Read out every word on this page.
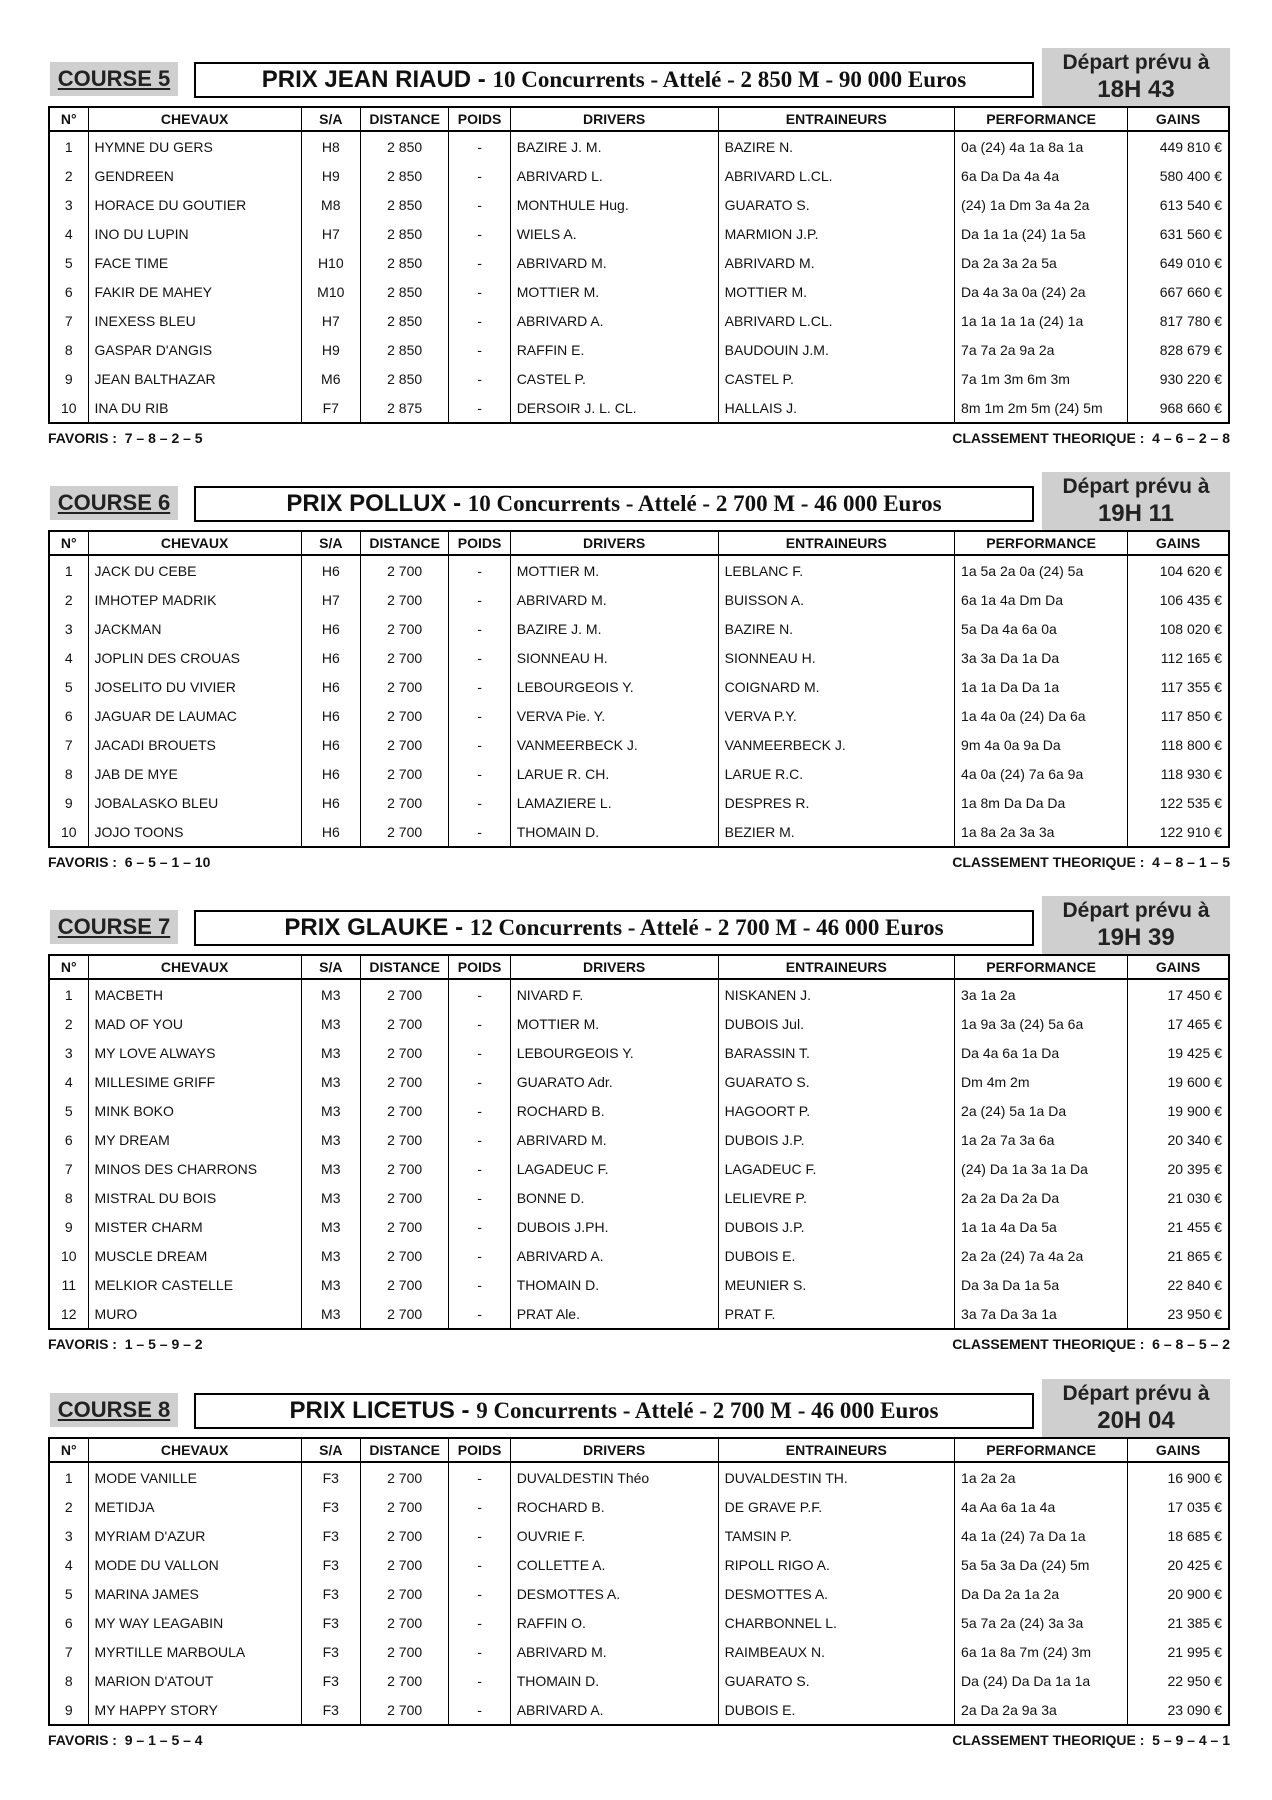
COURSE 5	PRIX JEAN RIAUD - 10 Concurrents - Attelé - 2 850 M - 90 000 Euros
Départ prévu à
18H 43
N°	CHEVAUX	S/A	DISTANCE	POIDS	DRIVERS	ENTRAINEURS	PERFORMANCE	GAINS
1	HYMNE DU GERS	H8	2 850	-	BAZIRE J. M.	BAZIRE N.	0a (24) 4a 1a 8a 1a	449 810 €
2	GENDREEN	H9	2 850	-	ABRIVARD L.	ABRIVARD L.CL.	6a Da Da 4a 4a	580 400 €
3	HORACE DU GOUTIER	M8	2 850	-	MONTHULE Hug.	GUARATO S.	(24) 1a Dm 3a 4a 2a	613 540 €
4	INO DU LUPIN	H7	2 850	-	WIELS A.	MARMION J.P.	Da 1a 1a (24) 1a 5a	631 560 €
5	FACE TIME	H10	2 850	-	ABRIVARD M.	ABRIVARD M.	Da 2a 3a 2a 5a	649 010 €
6	FAKIR DE MAHEY	M10	2 850	-	MOTTIER M.	MOTTIER M.	Da 4a 3a 0a (24) 2a	667 660 €
7	INEXESS BLEU	H7	2 850	-	ABRIVARD A.	ABRIVARD L.CL.	1a 1a 1a 1a (24) 1a	817 780 €
8	GASPAR D'ANGIS	H9	2 850	-	RAFFIN E.	BAUDOUIN J.M.	7a 7a 2a 9a 2a	828 679 €
9	JEAN BALTHAZAR	M6	2 850	-	CASTEL P.	CASTEL P.	7a 1m 3m 6m 3m	930 220 €
10	INA DU RIB	F7	2 875	-	DERSOIR J. L. CL.	HALLAIS J.	8m 1m 2m 5m (24) 5m	968 660 €
FAVORIS : 7 – 8 – 2 – 5	CLASSEMENT THEORIQUE : 4 – 6 – 2 – 8
COURSE 6	PRIX POLLUX - 10 Concurrents - Attelé - 2 700 M - 46 000 Euros
Départ prévu à
19H 11
N°	CHEVAUX	S/A	DISTANCE	POIDS	DRIVERS	ENTRAINEURS	PERFORMANCE	GAINS
1	JACK DU CEBE	H6	2 700	-	MOTTIER M.	LEBLANC F.	1a 5a 2a 0a (24) 5a	104 620 €
2	IMHOTEP MADRIK	H7	2 700	-	ABRIVARD M.	BUISSON A.	6a 1a 4a Dm Da	106 435 €
3	JACKMAN	H6	2 700	-	BAZIRE J. M.	BAZIRE N.	5a Da 4a 6a 0a	108 020 €
4	JOPLIN DES CROUAS	H6	2 700	-	SIONNEAU H.	SIONNEAU H.	3a 3a Da 1a Da	112 165 €
5	JOSELITO DU VIVIER	H6	2 700	-	LEBOURGEOIS Y.	COIGNARD M.	1a 1a Da Da 1a	117 355 €
6	JAGUAR DE LAUMAC	H6	2 700	-	VERVA Pie. Y.	VERVA P.Y.	1a 4a 0a (24) Da 6a	117 850 €
7	JACADI BROUETS	H6	2 700	-	VANMEERBECK J.	VANMEERBECK J.	9m 4a 0a 9a Da	118 800 €
8	JAB DE MYE	H6	2 700	-	LARUE R. CH.	LARUE R.C.	4a 0a (24) 7a 6a 9a	118 930 €
9	JOBALASKO BLEU	H6	2 700	-	LAMAZIERE L.	DESPRES R.	1a 8m Da Da Da	122 535 €
10	JOJO TOONS	H6	2 700	-	THOMAIN D.	BEZIER M.	1a 8a 2a 3a 3a	122 910 €
FAVORIS : 6 – 5 – 1 – 10	CLASSEMENT THEORIQUE : 4 – 8 – 1 – 5
COURSE 7	PRIX GLAUKE - 12 Concurrents - Attelé - 2 700 M - 46 000 Euros
Départ prévu à
19H 39
N°	CHEVAUX	S/A	DISTANCE	POIDS	DRIVERS	ENTRAINEURS	PERFORMANCE	GAINS
1	MACBETH	M3	2 700	-	NIVARD F.	NISKANEN J.	3a 1a 2a	17 450 €
2	MAD OF YOU	M3	2 700	-	MOTTIER M.	DUBOIS Jul.	1a 9a 3a (24) 5a 6a	17 465 €
3	MY LOVE ALWAYS	M3	2 700	-	LEBOURGEOIS Y.	BARASSIN T.	Da 4a 6a 1a Da	19 425 €
4	MILLESIME GRIFF	M3	2 700	-	GUARATO Adr.	GUARATO S.	Dm 4m 2m	19 600 €
5	MINK BOKO	M3	2 700	-	ROCHARD B.	HAGOORT P.	2a (24) 5a 1a Da	19 900 €
6	MY DREAM	M3	2 700	-	ABRIVARD M.	DUBOIS J.P.	1a 2a 7a 3a 6a	20 340 €
7	MINOS DES CHARRONS	M3	2 700	-	LAGADEUC F.	LAGADEUC F.	(24) Da 1a 3a 1a Da	20 395 €
8	MISTRAL DU BOIS	M3	2 700	-	BONNE D.	LELIEVRE P.	2a 2a Da 2a Da	21 030 €
9	MISTER CHARM	M3	2 700	-	DUBOIS J.PH.	DUBOIS J.P.	1a 1a 4a Da 5a	21 455 €
10	MUSCLE DREAM	M3	2 700	-	ABRIVARD A.	DUBOIS E.	2a 2a (24) 7a 4a 2a	21 865 €
11	MELKIOR CASTELLE	M3	2 700	-	THOMAIN D.	MEUNIER S.	Da 3a Da 1a 5a	22 840 €
12	MURO	M3	2 700	-	PRAT Ale.	PRAT F.	3a 7a Da 3a 1a	23 950 €
FAVORIS : 1 – 5 – 9 – 2	CLASSEMENT THEORIQUE : 6 – 8 – 5 – 2
COURSE 8	PRIX LICETUS - 9 Concurrents - Attelé - 2 700 M - 46 000 Euros
Départ prévu à
20H 04
N°	CHEVAUX	S/A	DISTANCE	POIDS	DRIVERS	ENTRAINEURS	PERFORMANCE	GAINS
1	MODE VANILLE	F3	2 700	-	DUVALDESTIN Théo	DUVALDESTIN TH.	1a 2a 2a	16 900 €
2	METIDJA	F3	2 700	-	ROCHARD B.	DE GRAVE P.F.	4a Aa 6a 1a 4a	17 035 €
3	MYRIAM D'AZUR	F3	2 700	-	OUVRIE F.	TAMSIN P.	4a 1a (24) 7a Da 1a	18 685 €
4	MODE DU VALLON	F3	2 700	-	COLLETTE A.	RIPOLL RIGO A.	5a 5a 3a Da (24) 5m	20 425 €
5	MARINA JAMES	F3	2 700	-	DESMOTTES A.	DESMOTTES A.	Da Da 2a 1a 2a	20 900 €
6	MY WAY LEAGABIN	F3	2 700	-	RAFFIN O.	CHARBONNEL L.	5a 7a 2a (24) 3a 3a	21 385 €
7	MYRTILLE MARBOULA	F3	2 700	-	ABRIVARD M.	RAIMBEAUX N.	6a 1a 8a 7m (24) 3m	21 995 €
8	MARION D'ATOUT	F3	2 700	-	THOMAIN D.	GUARATO S.	Da (24) Da Da 1a 1a	22 950 €
9	MY HAPPY STORY	F3	2 700	-	ABRIVARD A.	DUBOIS E.	2a Da 2a 9a 3a	23 090 €
FAVORIS : 9 – 1 – 5 – 4	CLASSEMENT THEORIQUE : 5 – 9 – 4 – 1
